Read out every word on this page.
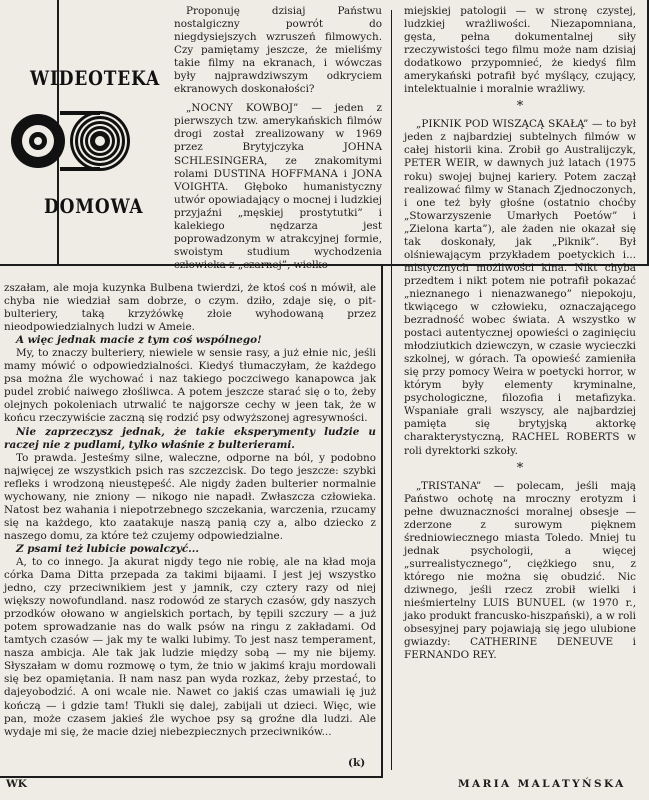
WIDEOTEKA
DOMOWA

Proponuję dzisiaj Państwu nostalgiczny powrót do niegdysiejszych wzruszeń filmowych. Czy pamiętamy jeszcze, że mieliśmy takie filmy na ekranach, i wówczas były najprawdziwszym odkryciem ekranowych doskonałości?

„NOCNY KOWBOJ” — jeden z pierwszych tzw. amerykańskich filmów drogi został zrealizowany w 1969 przez Brytyjczyka JOHNA SCHLESINGERA, ze znakomitymi rolami DUSTINA HOFFMANA i JONA VOIGHTA. Głęboko humanistyczny utwór opowiadający o mocnej i ludzkiej przyjaźni „męskiej prostytutki” i kalekiego nędzarza jest poprowadzonym w atrakcyjnej formie, swoistym studium wychodzenia człowieka z „czarnej”, wielko-

miejskiej patologii — w stronę czystej, ludzkiej wrażliwości. Niezapomniana, gęsta, pełna dokumentalnej siły rzeczywistości tego filmu może nam dzisiaj dodatkowo przypomnieć, że kiedyś film amerykański potrafił być myślący, czujący, intelektualnie i moralnie wrażliwy.

*

„PIKNIK POD WISZĄCĄ SKAŁĄ” — to był jeden z najbardziej subtelnych filmów w całej historii kina. Zrobił go Australijczyk, PETER WEIR, w dawnych już latach (1975 roku) swojej bujnej kariery. Potem zaczął realizować filmy w Stanach Zjednoczonych, i one też były głośne (ostatnio choćby „Stowarzyszenie Umarłych Poetów” i „Zielona karta”), ale żaden nie okazał się tak doskonały, jak „Piknik”. Był olśniewającym przykładem poetyckich i... mistycznych możliwości kina. Nikt chyba przedtem i nikt potem nie potrafił pokazać „nieznanego i nienazwanego” niepokoju, tkwiącego w człowieku, oznaczającego bezradność wobec świata. A wszystko w postaci autentycznej opowieści o zaginięciu młodziutkich dziewczyn, w czasie wycieczki szkolnej, w górach. Ta opowieść zamieniła się przy pomocy Weira w poetycki horror, w którym były elementy kryminalne, psychologiczne, filozofia i metafizyka. Wspaniałe grali wszyscy, ale najbardziej pamięta się brytyjską aktorkę charakterystyczną, RACHEL ROBERTS w roli dyrektorki szkoły.

*

„TRISTANA” — polecam, jeśli mają Państwo ochotę na mroczny erotyzm i pełne dwuznaczności moralnej obsesje — zderzone z surowym pięknem średniowiecznego miasta Toledo. Mniej tu jednak psychologii, a więcej „surrealistycznego”, ciężkiego snu, z którego nie można się obudzić. Nic dziwnego, jeśli rzecz zrobił wielki i nieśmiertelny LUIS BUNUEL (w 1970 r., jako produkt francusko-hiszpański), a w roli obsesyjnej pary pojawiają się jego ulubione gwiazdy: CATHERINE DENEUVE i FERNANDO REY.

zszałam, ale moja kuzynka Bulbena twierdzi, że ktoś coś n mówił, ale chyba nie wiedział sam dobrze, o czym. dziło, zdaje się, o pit-bulteriery, taką krzyżówkę złoie wyhodowaną przez nieodpowiedzialnych ludzi w Ameie.

A więc jednak macie z tym coś wspólnego!

My, to znaczy bulteriery, niewiele w sensie rasy, a już ełnie nic, jeśli mamy mówić o odpowiedzialności. Kiedyś tłumaczyłam, że każdego psa można źle wychować i naz takiego poczciwego kanapowca jak pudel zrobić naiwego złośliwca. A potem jeszcze starać się o to, żeby olejnych pokoleniach utrwalić te najgorsze cechy w jeen tak, że w końcu rzeczywiście zaczną się rodzić psy odwyższonej agresywności.

Nie zaprzeczysz jednak, że takie eksperymenty ludzie u raczej nie z pudlami, tylko właśnie z bulterierami.

To prawda. Jesteśmy silne, waleczne, odporne na ból, y podobno najwięcej ze wszystkich psich ras szczezcisk. Do tego jeszcze: szybki refleks i wrodzoną nieustępeść. Ale nigdy żaden bulterier normalnie wychowany, nie zniony — nikogo nie napadł. Zwłaszcza człowieka. Natost bez wahania i niepotrzebnego szczekania, warczenia, rzucamy się na każdego, kto zaatakuje naszą panią czy a, albo dziecko z naszego domu, za które też czujemy odpowiedzialne.

Z psami też lubicie powalczyć...

A, to co innego. Ja akurat nigdy tego nie robię, ale na kład moja córka Dama Ditta przepada za takimi bijaami. I jest jej wszystko jedno, czy przeciwnikiem jest y jamnik, czy cztery razy od niej większy nowofundland. nasz rodowód ze starych czasów, gdy naszych przodków ołowano w angielskich portach, by tępili szczury — a już potem sprowadzanie nas do walk psów na ringu z zakładami. Od tamtych czasów — jak my te walki lubimy. To jest nasz temperament, nasza ambicja. Ale tak jak ludzie między sobą — my nie bijemy. Słyszałam w domu rozmowę o tym, że tnio w jakimś kraju mordowali się bez opamiętania. Ił nam nasz pan wyda rozkaz, żeby przestać, to dajeyobodzić. A oni wcale nie. Nawet co jakiś czas umawiali ię już kończą — i gdzie tam! Tłukli się dalej, zabijali ut dzieci. Więc, wie pan, może czasem jakieś źle wychoe psy są groźne dla ludzi. Ale wydaje mi się, że macie dziej niebezpiecznych przeciwników...

(k)
WK	MARIA MALATYŃSKA
